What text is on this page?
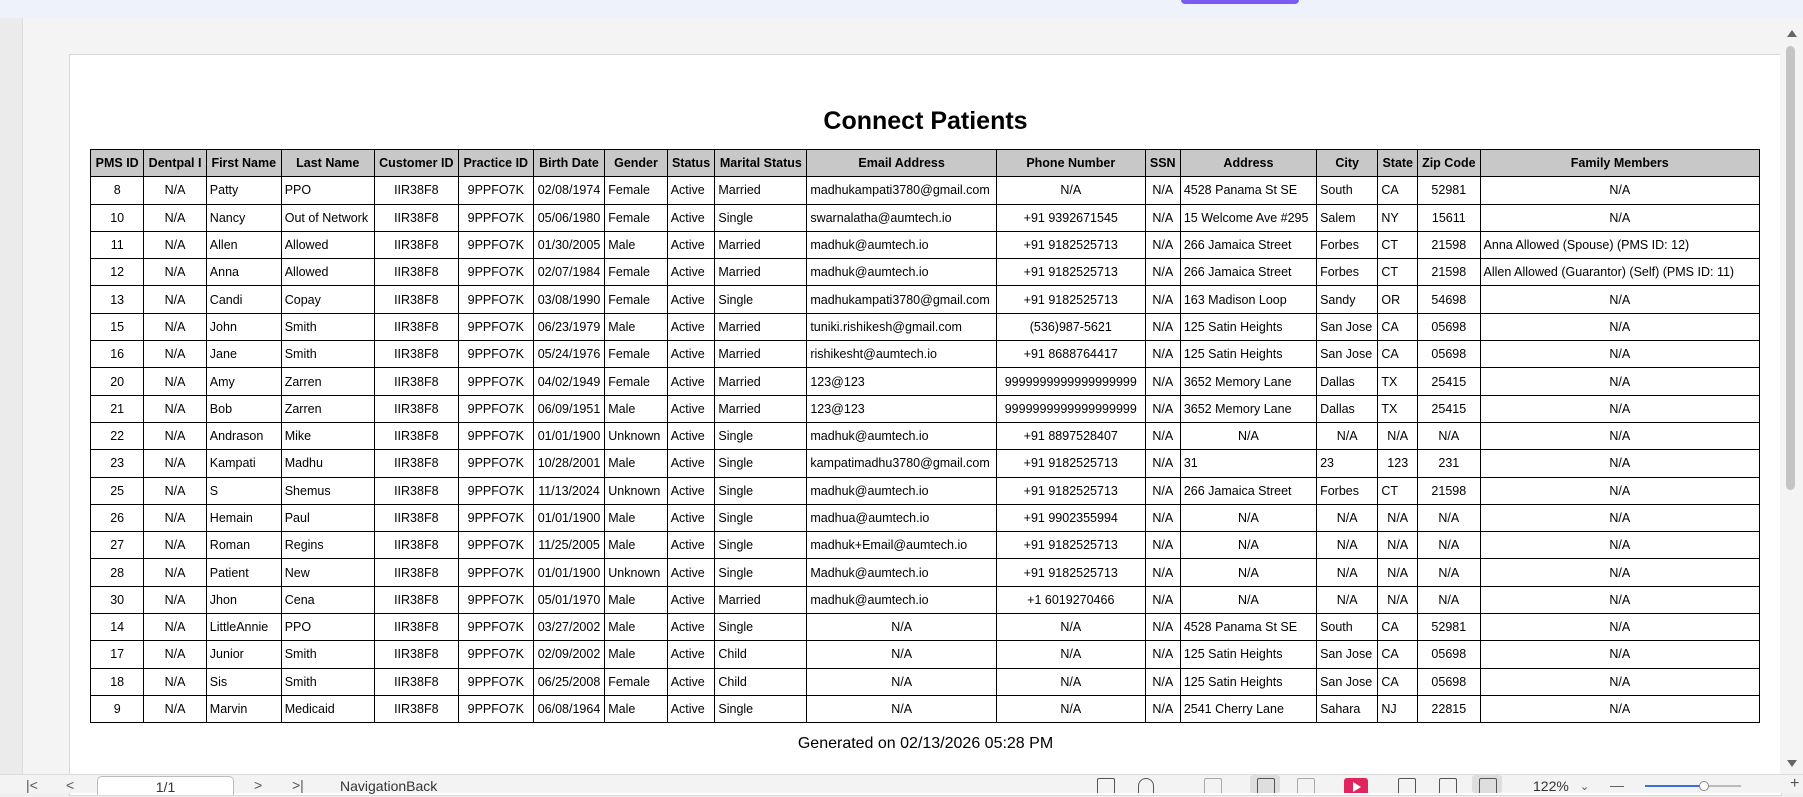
Connect Patients
PMS ID	Dentpal I	First Name	Last Name	Customer ID	Practice ID	Birth Date	Gender	Status	Marital Status	Email Address	Phone Number	SSN	Address	City	State	Zip Code	Family Members
8	N/A	Patty	PPO	IIR38F8	9PPFO7K	02/08/1974	Female	Active	Married	madhukampati3780@gmail.com	N/A	N/A	4528 Panama St SE	South	CA	52981	N/A
10	N/A	Nancy	Out of Network	IIR38F8	9PPFO7K	05/06/1980	Female	Active	Single	swarnalatha@aumtech.io	+91 9392671545	N/A	15 Welcome Ave #295	Salem	NY	15611	N/A
11	N/A	Allen	Allowed	IIR38F8	9PPFO7K	01/30/2005	Male	Active	Married	madhuk@aumtech.io	+91 9182525713	N/A	266 Jamaica Street	Forbes	CT	21598	Anna Allowed (Spouse) (PMS ID: 12)
12	N/A	Anna	Allowed	IIR38F8	9PPFO7K	02/07/1984	Female	Active	Married	madhuk@aumtech.io	+91 9182525713	N/A	266 Jamaica Street	Forbes	CT	21598	Allen Allowed (Guarantor) (Self) (PMS ID: 11)
13	N/A	Candi	Copay	IIR38F8	9PPFO7K	03/08/1990	Female	Active	Single	madhukampati3780@gmail.com	+91 9182525713	N/A	163 Madison Loop	Sandy	OR	54698	N/A
15	N/A	John	Smith	IIR38F8	9PPFO7K	06/23/1979	Male	Active	Married	tuniki.rishikesh@gmail.com	(536)987-5621	N/A	125 Satin Heights	San Jose	CA	05698	N/A
16	N/A	Jane	Smith	IIR38F8	9PPFO7K	05/24/1976	Female	Active	Married	rishikesht@aumtech.io	+91 8688764417	N/A	125 Satin Heights	San Jose	CA	05698	N/A
20	N/A	Amy	Zarren	IIR38F8	9PPFO7K	04/02/1949	Female	Active	Married	123@123	9999999999999999999	N/A	3652 Memory Lane	Dallas	TX	25415	N/A
21	N/A	Bob	Zarren	IIR38F8	9PPFO7K	06/09/1951	Male	Active	Married	123@123	9999999999999999999	N/A	3652 Memory Lane	Dallas	TX	25415	N/A
22	N/A	Andrason	Mike	IIR38F8	9PPFO7K	01/01/1900	Unknown	Active	Single	madhuk@aumtech.io	+91 8897528407	N/A	N/A	N/A	N/A	N/A	N/A
23	N/A	Kampati	Madhu	IIR38F8	9PPFO7K	10/28/2001	Male	Active	Single	kampatimadhu3780@gmail.com	+91 9182525713	N/A	31	23	123	231	N/A
25	N/A	S	Shemus	IIR38F8	9PPFO7K	11/13/2024	Unknown	Active	Single	madhuk@aumtech.io	+91 9182525713	N/A	266 Jamaica Street	Forbes	CT	21598	N/A
26	N/A	Hemain	Paul	IIR38F8	9PPFO7K	01/01/1900	Male	Active	Single	madhua@aumtech.io	+91 9902355994	N/A	N/A	N/A	N/A	N/A	N/A
27	N/A	Roman	Regins	IIR38F8	9PPFO7K	11/25/2005	Male	Active	Single	madhuk+Email@aumtech.io	+91 9182525713	N/A	N/A	N/A	N/A	N/A	N/A
28	N/A	Patient	New	IIR38F8	9PPFO7K	01/01/1900	Unknown	Active	Single	Madhuk@aumtech.io	+91 9182525713	N/A	N/A	N/A	N/A	N/A	N/A
30	N/A	Jhon	Cena	IIR38F8	9PPFO7K	05/01/1970	Male	Active	Married	madhuk@aumtech.io	+1 6019270466	N/A	N/A	N/A	N/A	N/A	N/A
14	N/A	LittleAnnie	PPO	IIR38F8	9PPFO7K	03/27/2002	Male	Active	Single	N/A	N/A	N/A	4528 Panama St SE	South	CA	52981	N/A
17	N/A	Junior	Smith	IIR38F8	9PPFO7K	02/09/2002	Male	Active	Child	N/A	N/A	N/A	125 Satin Heights	San Jose	CA	05698	N/A
18	N/A	Sis	Smith	IIR38F8	9PPFO7K	06/25/2008	Female	Active	Child	N/A	N/A	N/A	125 Satin Heights	San Jose	CA	05698	N/A
9	N/A	Marvin	Medicaid	IIR38F8	9PPFO7K	06/08/1964	Male	Active	Single	N/A	N/A	N/A	2541 Cherry Lane	Sahara	NJ	22815	N/A
Generated on 02/13/2026 05:28 PM
|< <	1/1	> >|	NavigationBack	122% ⌄ —	+
